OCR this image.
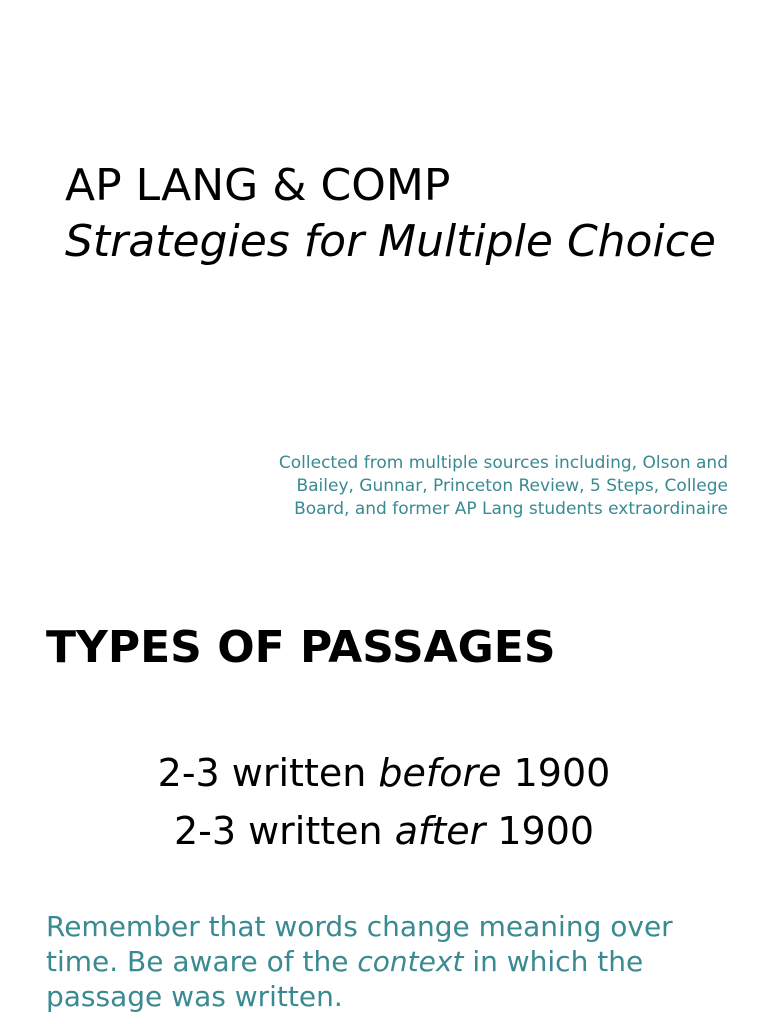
AP LANG & COMP
Strategies for Multiple Choice
Collected from multiple sources including, Olson and Bailey, Gunnar, Princeton Review, 5 Steps, College Board, and former AP Lang students extraordinaire
TYPES OF PASSAGES
2-3 written before 1900
2-3 written after 1900
Remember that words change meaning over time. Be aware of the context in which the passage was written.
